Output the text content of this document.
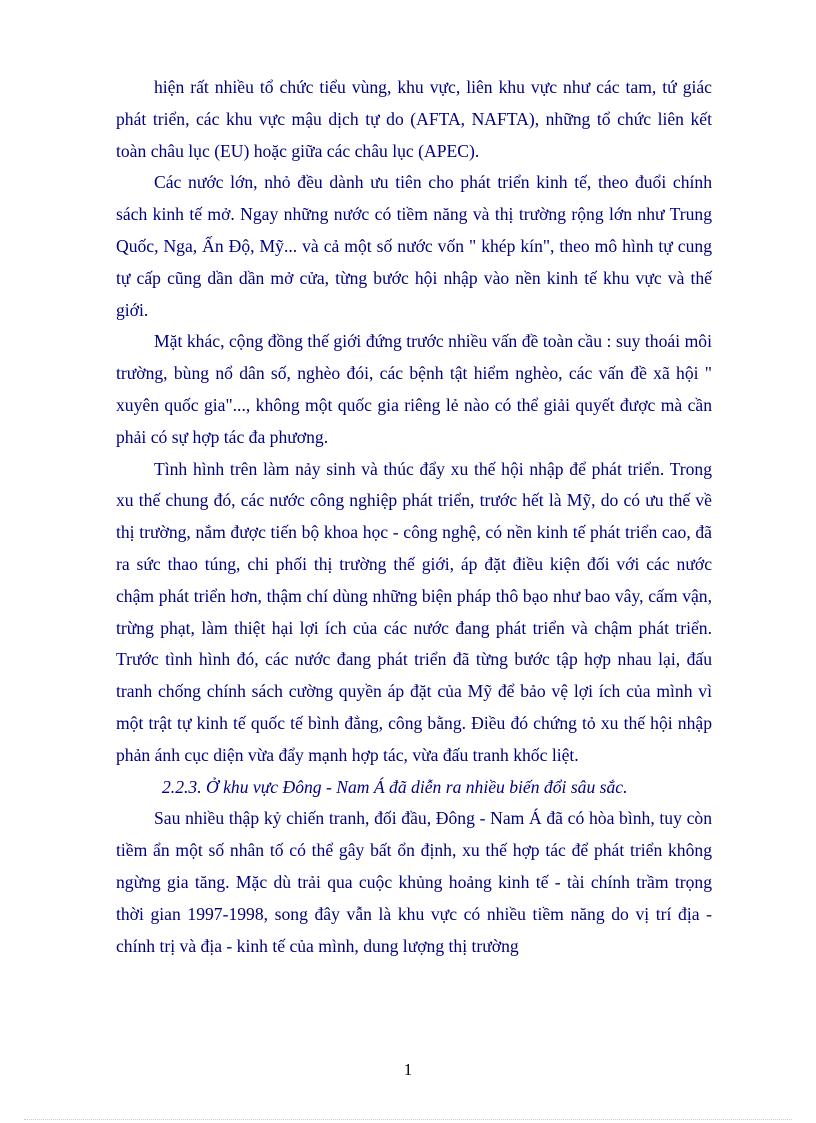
hiện rất nhiều tổ chức tiểu vùng, khu vực, liên khu vực như các tam, tứ giác phát triển, các khu vực mậu dịch tự do (AFTA, NAFTA), những tổ chức liên kết toàn châu lục (EU) hoặc giữa các châu lục (APEC).

Các nước lớn, nhỏ đều dành ưu tiên cho phát triển kinh tế, theo đuổi chính sách kinh tế mở. Ngay những nước có tiềm năng và thị trường rộng lớn như Trung Quốc, Nga, Ấn Độ, Mỹ... và cả một số nước vốn " khép kín", theo mô hình tự cung tự cấp cũng dần dần mở cửa, từng bước hội nhập vào nền kinh tế khu vực và thế giới.

Mặt khác, cộng đồng thế giới đứng trước nhiều vấn đề toàn cầu : suy thoái môi trường, bùng nổ dân số, nghèo đói, các bệnh tật hiểm nghèo, các vấn đề xã hội " xuyên quốc gia"..., không một quốc gia riêng lẻ nào có thể giải quyết được mà cần phải có sự hợp tác đa phương.

Tình hình trên làm nảy sinh và thúc đẩy xu thế hội nhập để phát triển. Trong xu thế chung đó, các nước công nghiệp phát triển, trước hết là Mỹ, do có ưu thế về thị trường, nắm được tiến bộ khoa học - công nghệ, có nền kinh tế phát triển cao, đã ra sức thao túng, chi phối thị trường thế giới, áp đặt điều kiện đối với các nước chậm phát triển hơn, thậm chí dùng những biện pháp thô bạo như bao vây, cấm vận, trừng phạt, làm thiệt hại lợi ích của các nước đang phát triển và chậm phát triển. Trước tình hình đó, các nước đang phát triển đã từng bước tập hợp nhau lại, đấu tranh chống chính sách cường quyền áp đặt của Mỹ để bảo vệ lợi ích của mình vì một trật tự kinh tế quốc tế bình đẳng, công bằng. Điều đó chứng tỏ xu thế hội nhập phản ánh cục diện vừa đẩy mạnh hợp tác, vừa đấu tranh khốc liệt.

2.2.3. Ở khu vực Đông - Nam Á đã diễn ra nhiều biến đổi sâu sắc.

Sau nhiều thập kỷ chiến tranh, đối đầu, Đông - Nam Á đã có hòa bình, tuy còn tiềm ẩn một số nhân tố có thể gây bất ổn định, xu thế hợp tác để phát triển không ngừng gia tăng. Mặc dù trải qua cuộc khủng hoảng kinh tế - tài chính trầm trọng thời gian 1997-1998, song đây vẫn là khu vực có nhiều tiềm năng do vị trí địa - chính trị và địa - kinh tế của mình, dung lượng thị trường

1
